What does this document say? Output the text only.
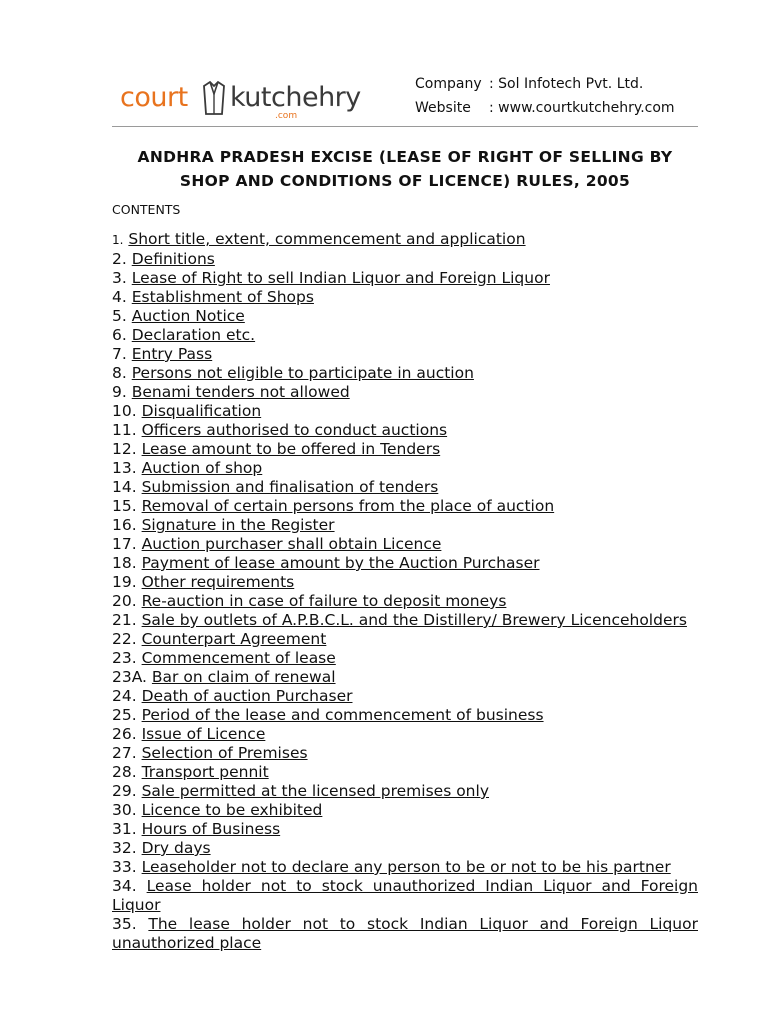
court kutchehry
.com
Company : Sol Infotech Pvt. Ltd.
Website : www.courtkutchehry.com
ANDHRA PRADESH EXCISE (LEASE OF RIGHT OF SELLING BY SHOP AND CONDITIONS OF LICENCE) RULES, 2005
CONTENTS
1. Short title, extent, commencement and application
2. Definitions
3. Lease of Right to sell Indian Liquor and Foreign Liquor
4. Establishment of Shops
5. Auction Notice
6. Declaration etc.
7. Entry Pass
8. Persons not eligible to participate in auction
9. Benami tenders not allowed
10. Disqualification
11. Officers authorised to conduct auctions
12. Lease amount to be offered in Tenders
13. Auction of shop
14. Submission and finalisation of tenders
15. Removal of certain persons from the place of auction
16. Signature in the Register
17. Auction purchaser shall obtain Licence
18. Payment of lease amount by the Auction Purchaser
19. Other requirements
20. Re-auction in case of failure to deposit moneys
21. Sale by outlets of A.P.B.C.L. and the Distillery/ Brewery Licenceholders
22. Counterpart Agreement
23. Commencement of lease
23A. Bar on claim of renewal
24. Death of auction Purchaser
25. Period of the lease and commencement of business
26. Issue of Licence
27. Selection of Premises
28. Transport pennit
29. Sale permitted at the licensed premises only
30. Licence to be exhibited
31. Hours of Business
32. Dry days
33. Leaseholder not to declare any person to be or not to be his partner
34. Lease holder not to stock unauthorized Indian Liquor and Foreign Liquor
35. The lease holder not to stock Indian Liquor and Foreign Liquor unauthorized place
